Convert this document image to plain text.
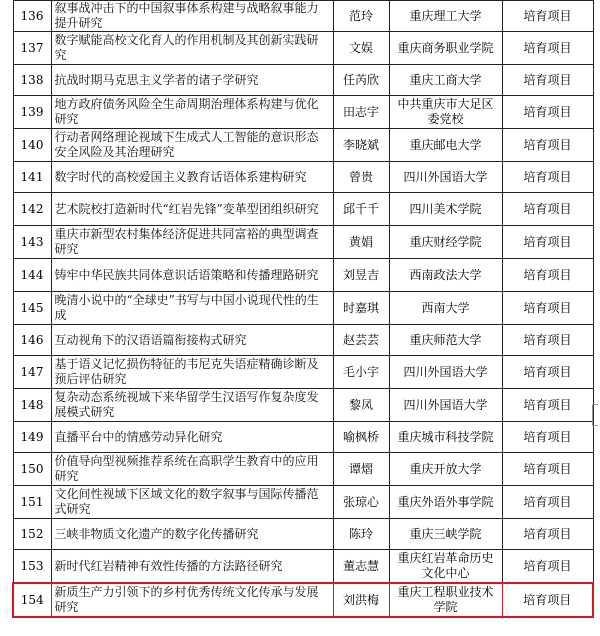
136	叙事战冲击下的中国叙事体系构建与战略叙事能力提升研究	范玲	重庆理工大学	培育项目
137	数字赋能高校文化育人的作用机制及其创新实践研究	文娱	重庆商务职业学院	培育项目
138	抗战时期马克思主义学者的诸子学研究	任芮欣	重庆工商大学	培育项目
139	地方政府债务风险全生命周期治理体系构建与优化研究	田志宇	中共重庆市大足区委党校	培育项目
140	行动者网络理论视域下生成式人工智能的意识形态安全风险及其治理研究	李晓斌	重庆邮电大学	培育项目
141	数字时代的高校爱国主义教育话语体系建构研究	曾贵	四川外国语大学	培育项目
142	艺术院校打造新时代“红岩先锋”变革型团组织研究	邱千千	四川美术学院	培育项目
143	重庆市新型农村集体经济促进共同富裕的典型调查研究	黄娟	重庆财经学院	培育项目
144	铸牢中华民族共同体意识话语策略和传播理路研究	刘昱吉	西南政法大学	培育项目
145	晚清小说中的“全球史”书写与中国小说现代性的生成	时嘉琪	西南大学	培育项目
146	互动视角下的汉语语篇衔接构式研究	赵芸芸	重庆师范大学	培育项目
147	基于语义记忆损伤特征的韦尼克失语症精确诊断及预后评估研究	毛小宇	四川外国语大学	培育项目
148	复杂动态系统视域下来华留学生汉语写作复杂度发展模式研究	黎凤	四川外国语大学	培育项目
149	直播平台中的情感劳动异化研究	喻枫桥	重庆城市科技学院	培育项目
150	价值导向型视频推荐系统在高职学生教育中的应用研究	谭熠	重庆开放大学	培育项目
151	文化间性视域下区域文化的数字叙事与国际传播范式研究	张琼心	重庆外语外事学院	培育项目
152	三峡非物质文化遗产的数字化传播研究	陈玲	重庆三峡学院	培育项目
153	新时代红岩精神有效性传播的方法路径研究	董志慧	重庆红岩革命历史文化中心	培育项目
154	新质生产力引领下的乡村优秀传统文化传承与发展研究	刘洪梅	重庆工程职业技术学院	培育项目
